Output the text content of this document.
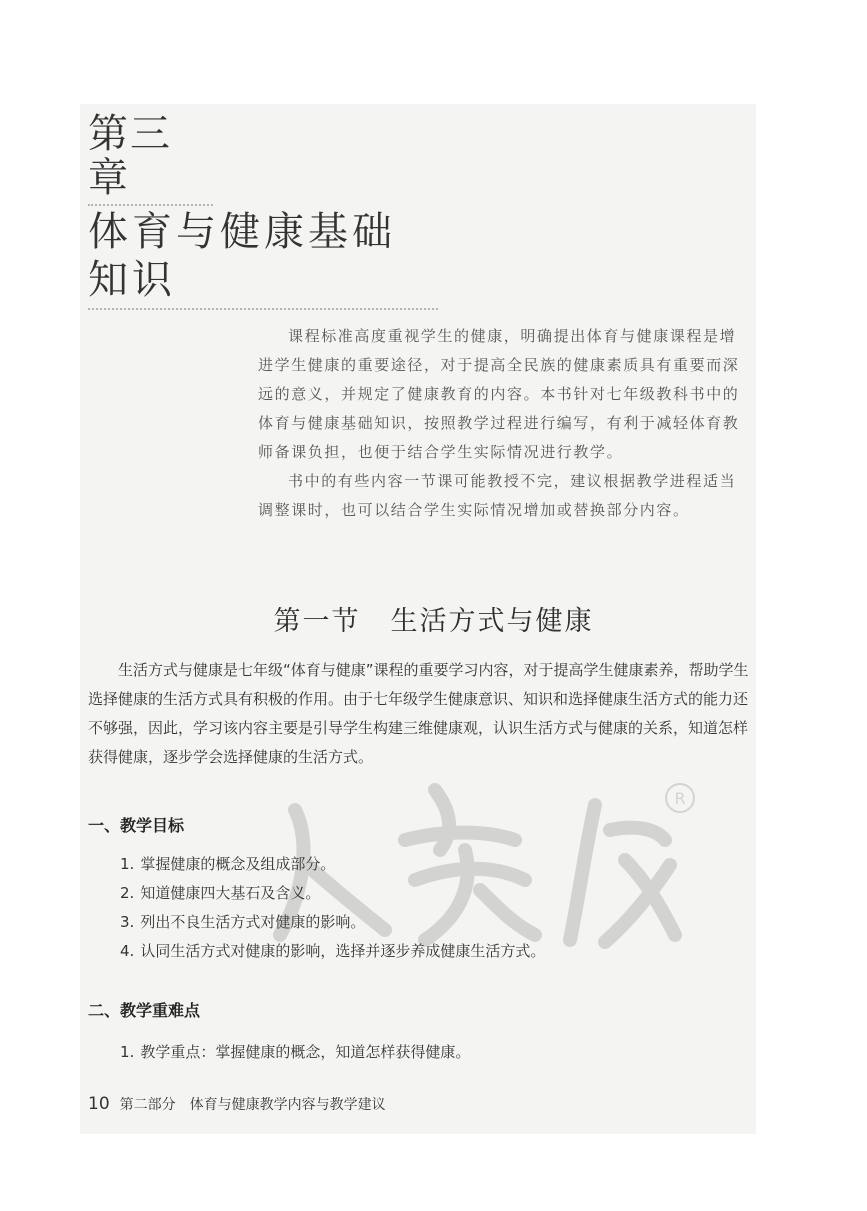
第三章
体育与健康基础知识

课程标准高度重视学生的健康，明确提出体育与健康课程是增进学生健康的重要途径，对于提高全民族的健康素质具有重要而深远的意义，并规定了健康教育的内容。本书针对七年级教科书中的体育与健康基础知识，按照教学过程进行编写，有利于减轻体育教师备课负担，也便于结合学生实际情况进行教学。

书中的有些内容一节课可能教授不完，建议根据教学进程适当调整课时，也可以结合学生实际情况增加或替换部分内容。

第一节 生活方式与健康

生活方式与健康是七年级“体育与健康”课程的重要学习内容，对于提高学生健康素养，帮助学生选择健康的生活方式具有积极的作用。由于七年级学生健康意识、知识和选择健康生活方式的能力还不够强，因此，学习该内容主要是引导学生构建三维健康观，认识生活方式与健康的关系，知道怎样获得健康，逐步学会选择健康的生活方式。

R
一、教学目标
1. 掌握健康的概念及组成部分。
2. 知道健康四大基石及含义。
3. 列出不良生活方式对健康的影响。
4. 认同生活方式对健康的影响，选择并逐步养成健康生活方式。
二、教学重难点
1. 教学重点：掌握健康的概念，知道怎样获得健康。
10 第二部分 体育与健康教学内容与教学建议
